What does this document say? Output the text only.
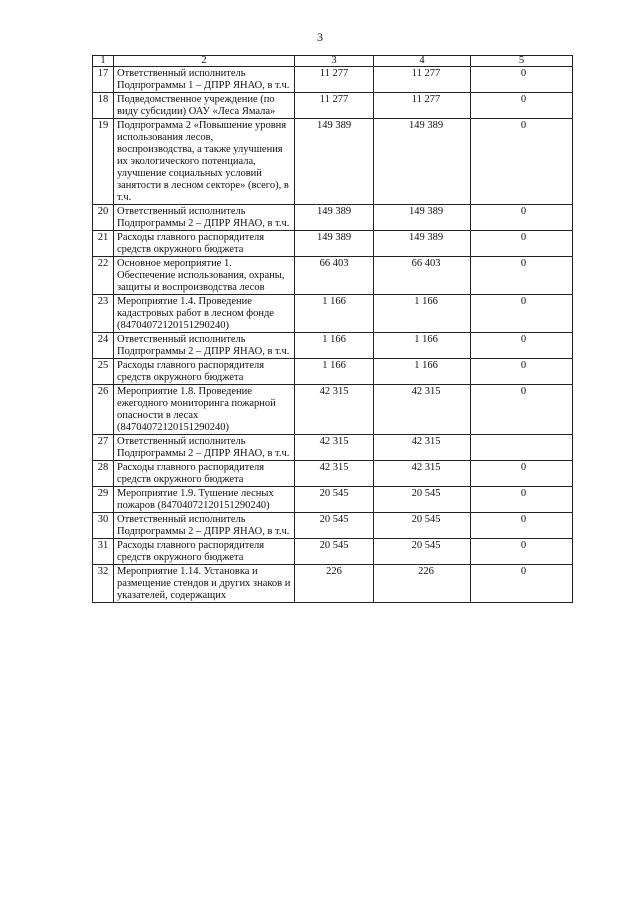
3
1	2	3	4	5
17	Ответственный исполнитель Подпрограммы 1 – ДПРР ЯНАО, в т.ч.	11 277	11 277	0
18	Подведомственное учреждение (по виду субсидии) ОАУ «Леса Ямала»	11 277	11 277	0
19	Подпрограмма 2 «Повышение уровня использования лесов, воспроизводства, а также улучшения их экологического потенциала, улучшение социальных условий занятости в лесном секторе» (всего), в т.ч.	149 389	149 389	0
20	Ответственный исполнитель Подпрограммы 2 – ДПРР ЯНАО, в т.ч.	149 389	149 389	0
21	Расходы главного распорядителя средств окружного бюджета	149 389	149 389	0
22	Основное мероприятие 1. Обеспечение использования, охраны, защиты и воспроизводства лесов	66 403	66 403	0
23	Мероприятие 1.4. Проведение кадастровых работ в лесном фонде (84704072120151290240)	1 166	1 166	0
24	Ответственный исполнитель Подпрограммы 2 – ДПРР ЯНАО, в т.ч.	1 166	1 166	0
25	Расходы главного распорядителя средств окружного бюджета	1 166	1 166	0
26	Мероприятие 1.8. Проведение ежегодного мониторинга пожарной опасности в лесах (84704072120151290240)	42 315	42 315	0
27	Ответственный исполнитель Подпрограммы 2 – ДПРР ЯНАО, в т.ч.	42 315	42 315	
28	Расходы главного распорядителя средств окружного бюджета	42 315	42 315	0
29	Мероприятие 1.9. Тушение лесных пожаров (84704072120151290240)	20 545	20 545	0
30	Ответственный исполнитель Подпрограммы 2 – ДПРР ЯНАО, в т.ч.	20 545	20 545	0
31	Расходы главного распорядителя средств окружного бюджета	20 545	20 545	0
32	Мероприятие 1.14. Установка и размещение стендов и других знаков и указателей, содержащих	226	226	0
